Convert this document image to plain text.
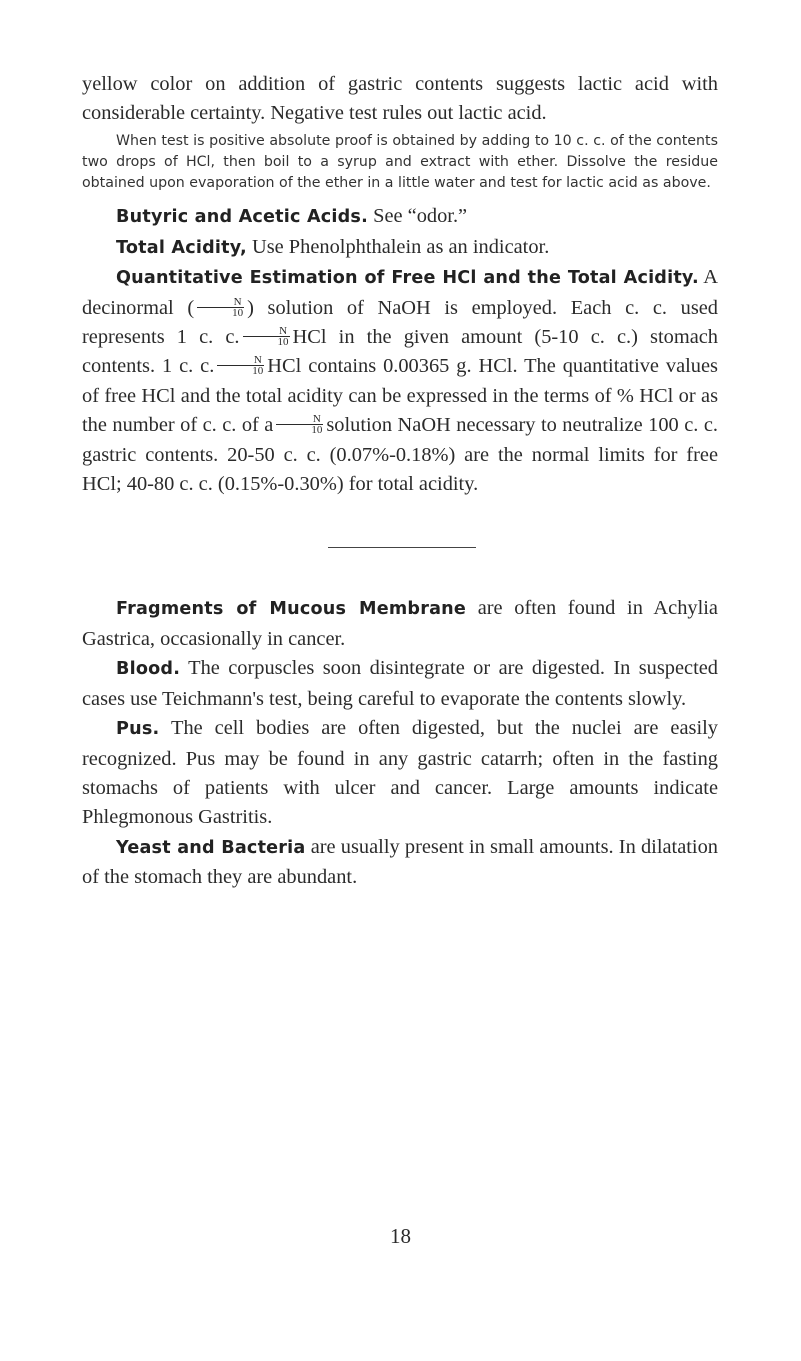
yellow color on addition of gastric contents suggests lactic acid with considerable certainty. Negative test rules out lactic acid.

When test is positive absolute proof is obtained by adding to 10 c. c. of the contents two drops of HCl, then boil to a syrup and extract with ether. Dissolve the residue obtained upon evaporation of the ether in a little water and test for lactic acid as above.

Butyric and Acetic Acids. See “odor.”

Total Acidity, Use Phenolphthalein as an indicator.

Quantitative Estimation of Free HCl and the Total Acidity. A decinormal ( $\frac{N}{10}$ ) solution of NaOH is employed. Each c. c. used represents 1 c. c. $\frac{N}{10}$ HCl in the given amount (5-10 c. c.) stomach contents. 1 c. c. $\frac{N}{10}$ HCl contains 0.00365 g. HCl. The quantitative values of free HCl and the total acidity can be expressed in the terms of % HCl or as the number of c. c. of a $\frac{N}{10}$ solution NaOH necessary to neutralize 100 c. c. gastric contents. 20-50 c. c. (0.07%-0.18%) are the normal limits for free HCl; 40-80 c. c. (0.15%-0.30%) for total acidity.

Fragments of Mucous Membrane are often found in Achylia Gastrica, occasionally in cancer.

Blood. The corpuscles soon disintegrate or are digested. In suspected cases use Teichmann's test, being careful to evaporate the contents slowly.

Pus. The cell bodies are often digested, but the nuclei are easily recognized. Pus may be found in any gastric catarrh; often in the fasting stomachs of patients with ulcer and cancer. Large amounts indicate Phlegmonous Gastritis.

Yeast and Bacteria are usually present in small amounts. In dilatation of the stomach they are abundant.

18
